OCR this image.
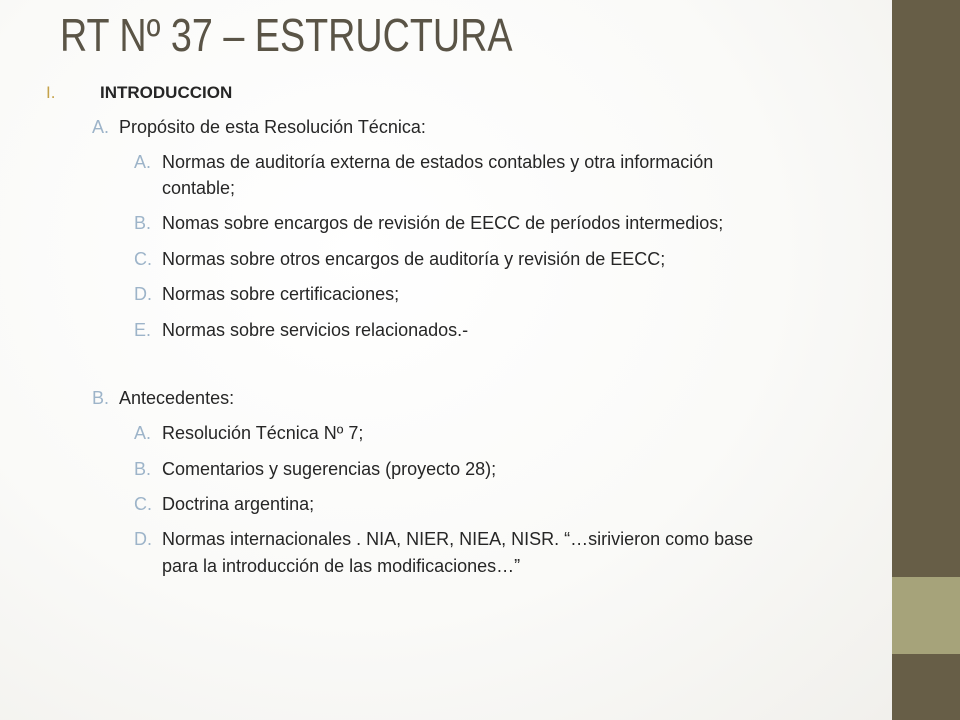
RT Nº 37 – ESTRUCTURA
I.	INTRODUCCION
A. Propósito de esta Resolución Técnica:
A. Normas de auditoría externa de estados contables y otra información
contable;
B. Nomas sobre encargos de revisión de EECC de períodos intermedios;
C. Normas sobre otros encargos de auditoría y revisión de EECC;
D. Normas sobre certificaciones;
E. Normas sobre servicios relacionados.-
B. Antecedentes:
A. Resolución Técnica Nº 7;
B. Comentarios y sugerencias (proyecto 28);
C. Doctrina argentina;
D. Normas internacionales . NIA, NIER, NIEA, NISR. “…sirivieron como base
para la introducción de las modificaciones…”
